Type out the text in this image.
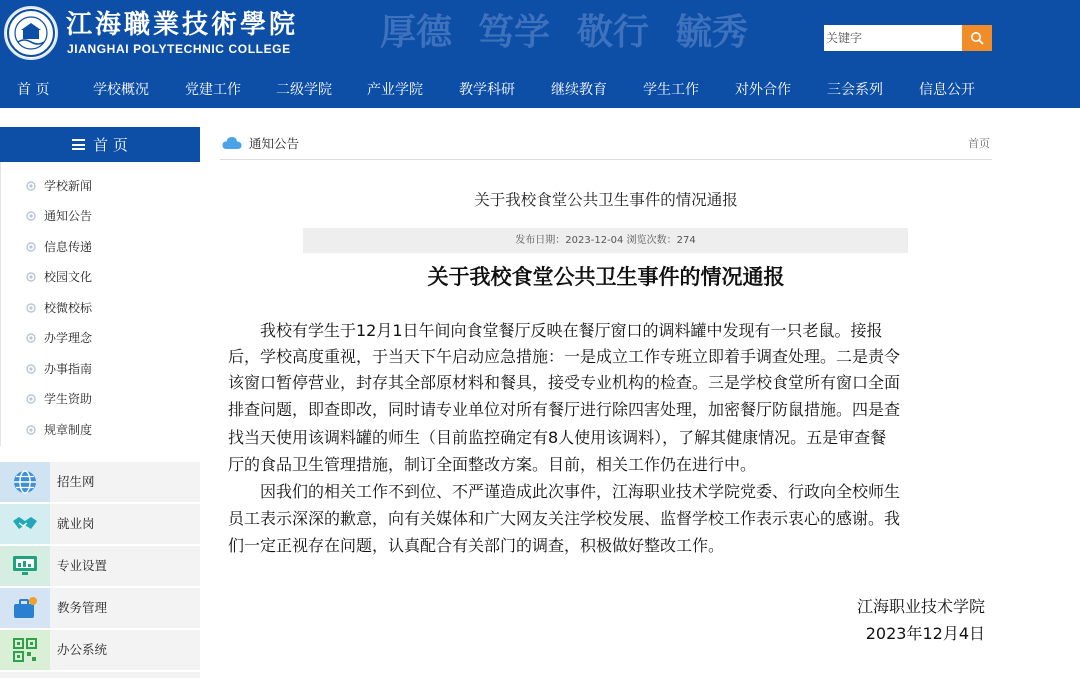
江海職業技術學院
JIANGHAI POLYTECHNIC COLLEGE 厚德 笃学 敬行 毓秀
关键字
首 页	学校概况	党建工作	二级学院	产业学院	教学科研	继续教育	学生工作	对外合作	三会系列	信息公开
首 页
学校新闻
通知公告
信息传递
校园文化
校微校标
办学理念
办事指南
学生资助
规章制度
招生网
就业岗
专业设置
教务管理
办公系统
通知公告	首页
关于我校食堂公共卫生事件的情况通报
发布日期：2023-12-04 浏览次数：274
关于我校食堂公共卫生事件的情况通报
　　我校有学生于12月1日午间向食堂餐厅反映在餐厅窗口的调料罐中发现有一只老鼠。接报
后，学校高度重视，于当天下午启动应急措施：一是成立工作专班立即着手调查处理。二是责令
该窗口暂停营业，封存其全部原材料和餐具，接受专业机构的检查。三是学校食堂所有窗口全面
排查问题，即查即改，同时请专业单位对所有餐厅进行除四害处理，加密餐厅防鼠措施。四是查
找当天使用该调料罐的师生（目前监控确定有8人使用该调料），了解其健康情况。五是审查餐
厅的食品卫生管理措施，制订全面整改方案。目前，相关工作仍在进行中。
　　因我们的相关工作不到位、不严谨造成此次事件，江海职业技术学院党委、行政向全校师生
员工表示深深的歉意，向有关媒体和广大网友关注学校发展、监督学校工作表示衷心的感谢。我
们一定正视存在问题，认真配合有关部门的调查，积极做好整改工作。
江海职业技术学院
2023年12月4日
